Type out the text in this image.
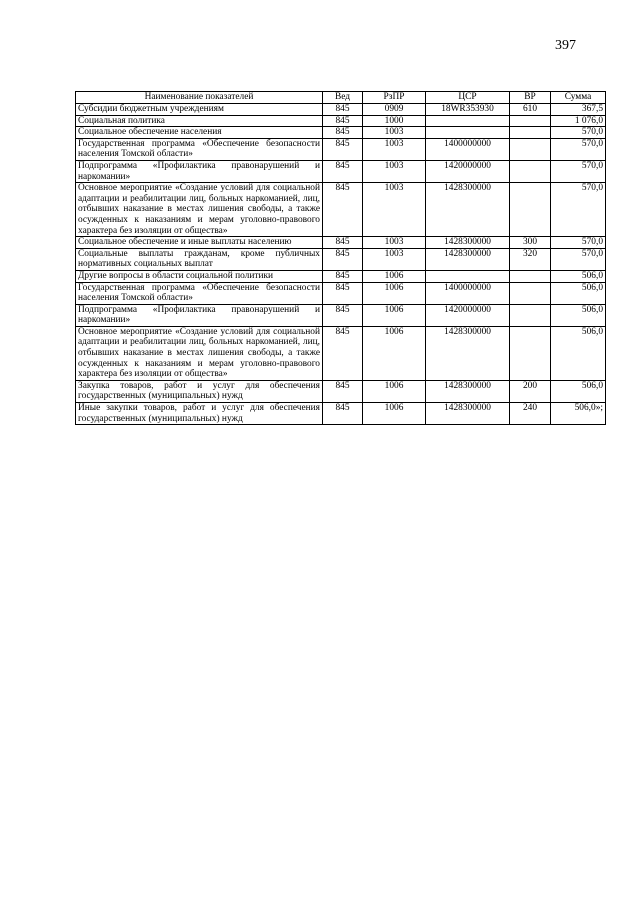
397
Наименование показателей	Вед	РзПР	ЦСР	ВР	Сумма
Субсидии бюджетным учреждениям	845	0909	18WR353930	610	367,5
Социальная политика	845	1000			1 076,0
Социальное обеспечение населения	845	1003			570,0
Государственная программа «Обеспечение безопасности населения Томской области»	845	1003	1400000000		570,0
Подпрограмма «Профилактика правонарушений и наркомании»	845	1003	1420000000		570,0
Основное мероприятие «Создание условий для социальной адаптации и реабилитации лиц, больных наркоманией, лиц, отбывших наказание в местах лишения свободы, а также осужденных к наказаниям и мерам уголовно-правового характера без изоляции от общества»	845	1003	1428300000		570,0
Социальное обеспечение и иные выплаты населению	845	1003	1428300000	300	570,0
Социальные выплаты гражданам, кроме публичных нормативных социальных выплат	845	1003	1428300000	320	570,0
Другие вопросы в области социальной политики	845	1006			506,0
Государственная программа «Обеспечение безопасности населения Томской области»	845	1006	1400000000		506,0
Подпрограмма «Профилактика правонарушений и наркомании»	845	1006	1420000000		506,0
Основное мероприятие «Создание условий для социальной адаптации и реабилитации лиц, больных наркоманией, лиц, отбывших наказание в местах лишения свободы, а также осужденных к наказаниям и мерам уголовно-правового характера без изоляции от общества»	845	1006	1428300000		506,0
Закупка товаров, работ и услуг для обеспечения государственных (муниципальных) нужд	845	1006	1428300000	200	506,0
Иные закупки товаров, работ и услуг для обеспечения государственных (муниципальных) нужд	845	1006	1428300000	240	506,0»;
